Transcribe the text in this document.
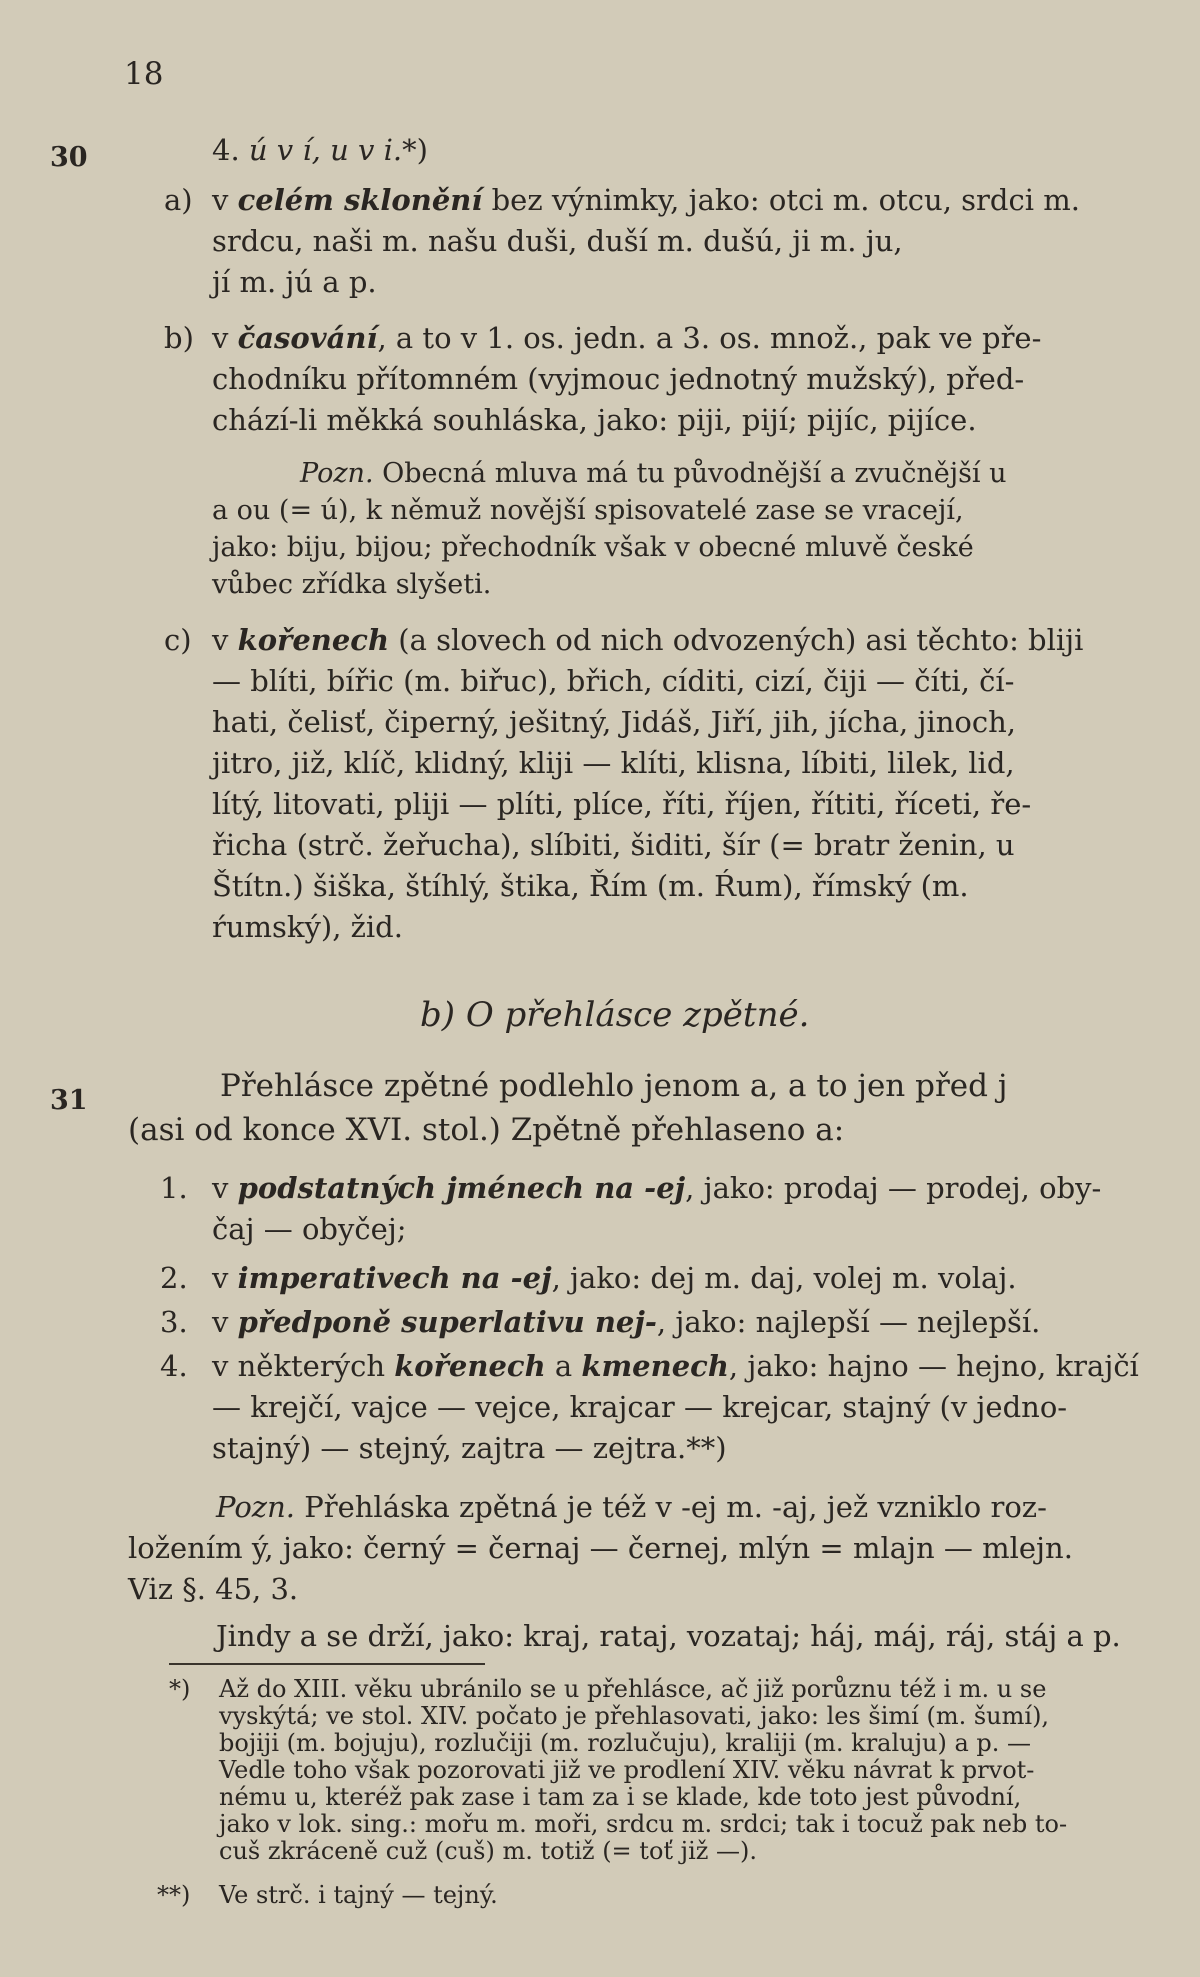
18
30	4. ú v í, u v i.*)
a) v celém sklonění bez výnimky, jako: otci m. otcu, srdci m.
srdcu, naši m. našu duši, duší m. dušú, ji m. ju,
jí m. jú a p.
b) v časování, a to v 1. os. jedn. a 3. os. množ., pak ve pře-
chodníku přítomném (vyjmouc jednotný mužský), před-
chází-li měkká souhláska, jako: piji, pijí; pijíc, pijíce.
Pozn. Obecná mluva má tu původnější a zvučnější u
a ou (= ú), k němuž novější spisovatelé zase se vracejí,
jako: biju, bijou; přechodník však v obecné mluvě české
vůbec zřídka slyšeti.
c) v kořenech (a slovech od nich odvozených) asi těchto: bliji
— blíti, bířic (m. biřuc), břich, cíditi, cizí, čiji — číti, čí-
hati, čelisť, čiperný, ješitný, Jidáš, Jiří, jih, jícha, jinoch,
jitro, již, klíč, klidný, kliji — klíti, klisna, líbiti, lilek, lid,
lítý, litovati, pliji — plíti, plíce, říti, říjen, řítiti, říceti, ře-
řicha (strč. žeřucha), slíbiti, šiditi, šír (= bratr ženin, u
Štítn.) šiška, štíhlý, štika, Řím (m. Ŕum), římský (m.
ŕumský), žid.
b) O přehlásce zpětné.
31	Přehlásce zpětné podlehlo jenom a, a to jen před j
(asi od konce XVI. stol.) Zpětně přehlaseno a:
1. v podstatných jménech na -ej, jako: prodaj — prodej, oby-
čaj — obyčej;
2. v imperativech na -ej, jako: dej m. daj, volej m. volaj.
3. v předponě superlativu nej-, jako: najlepší — nejlepší.
4. v některých kořenech a kmenech, jako: hajno — hejno, krajčí
— krejčí, vajce — vejce, krajcar — krejcar, stajný (v jedno-
stajný) — stejný, zajtra — zejtra.**)
Pozn. Přehláska zpětná je též v -ej m. -aj, jež vzniklo roz-
ložením ý, jako: černý = černaj — černej, mlýn = mlajn — mlejn.
Viz §. 45, 3.
Jindy a se drží, jako: kraj, rataj, vozataj; háj, máj, ráj, stáj a p.
*) Až do XIII. věku ubránilo se u přehlásce, ač již porůznu též i m. u se
vyskýtá; ve stol. XIV. počato je přehlasovati, jako: les šimí (m. šumí),
bojiji (m. bojuju), rozlučiji (m. rozlučuju), kraliji (m. kraluju) a p. —
Vedle toho však pozorovati již ve prodlení XIV. věku návrat k prvot-
nému u, kteréž pak zase i tam za i se klade, kde toto jest původní,
jako v lok. sing.: mořu m. moři, srdcu m. srdci; tak i tocuž pak neb to-
cuš zkráceně cuž (cuš) m. totiž (= toť již —).
**) Ve strč. i tajný — tejný.
